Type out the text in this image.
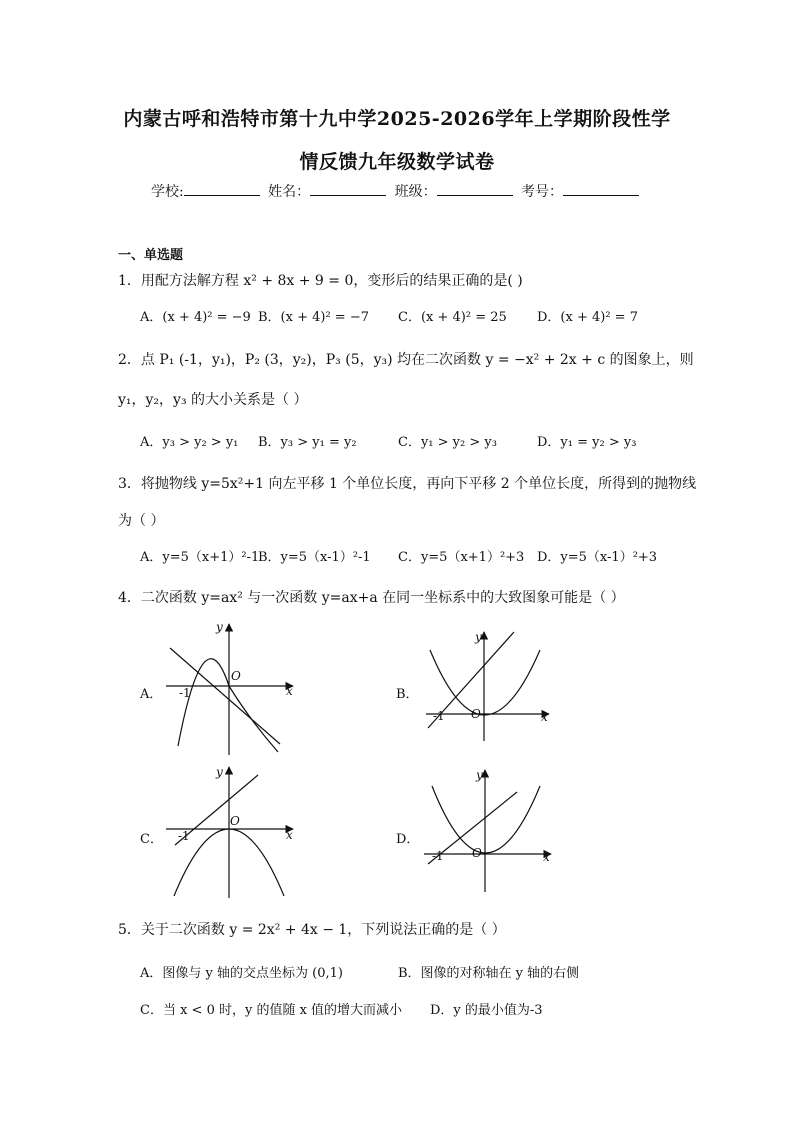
内蒙古呼和浩特市第十九中学2025-2026学年上学期阶段性学
情反馈九年级数学试卷
学校:	姓名：	班级：	考号：
一、单选题
1．用配方法解方程 x² + 8x + 9 = 0，变形后的结果正确的是( )
A．(x + 4)² = −9 B．(x + 4)² = −7 C．(x + 4)² = 25 D．(x + 4)² = 7
2．点 P₁ (-1，y₁)，P₂ (3，y₂)，P₃ (5，y₃) 均在二次函数 y = −x² + 2x + c 的图象上，则
y₁，y₂，y₃ 的大小关系是（ ）
A．y₃ > y₂ > y₁ B．y₃ > y₁ = y₂	C．y₁ > y₂ > y₃	D．y₁ = y₂ > y₃
3．将抛物线 y=5x²+1 向左平移 1 个单位长度，再向下平移 2 个单位长度，所得到的抛物线
为（ ）
A．y=5（x+1）²-1
B．y=5（x-1）²-1 C．y=5（x+1）²+3 D．y=5（x-1）²+3
4．二次函数 y=ax² 与一次函数 y=ax+a 在同一坐标系中的大致图象可能是（ ）
A．	B．
C．	D．
y
x
O
-1
y
x
O
-1
y
x
O
-1
y
x
O
-1
5．关于二次函数 y = 2x² + 4x − 1，下列说法正确的是（ ）
A．图像与 y 轴的交点坐标为 (0,1)	B．图像的对称轴在 y 轴的右侧
C．当 x < 0 时，y 的值随 x 值的增大而减小 D．y 的最小值为-3
